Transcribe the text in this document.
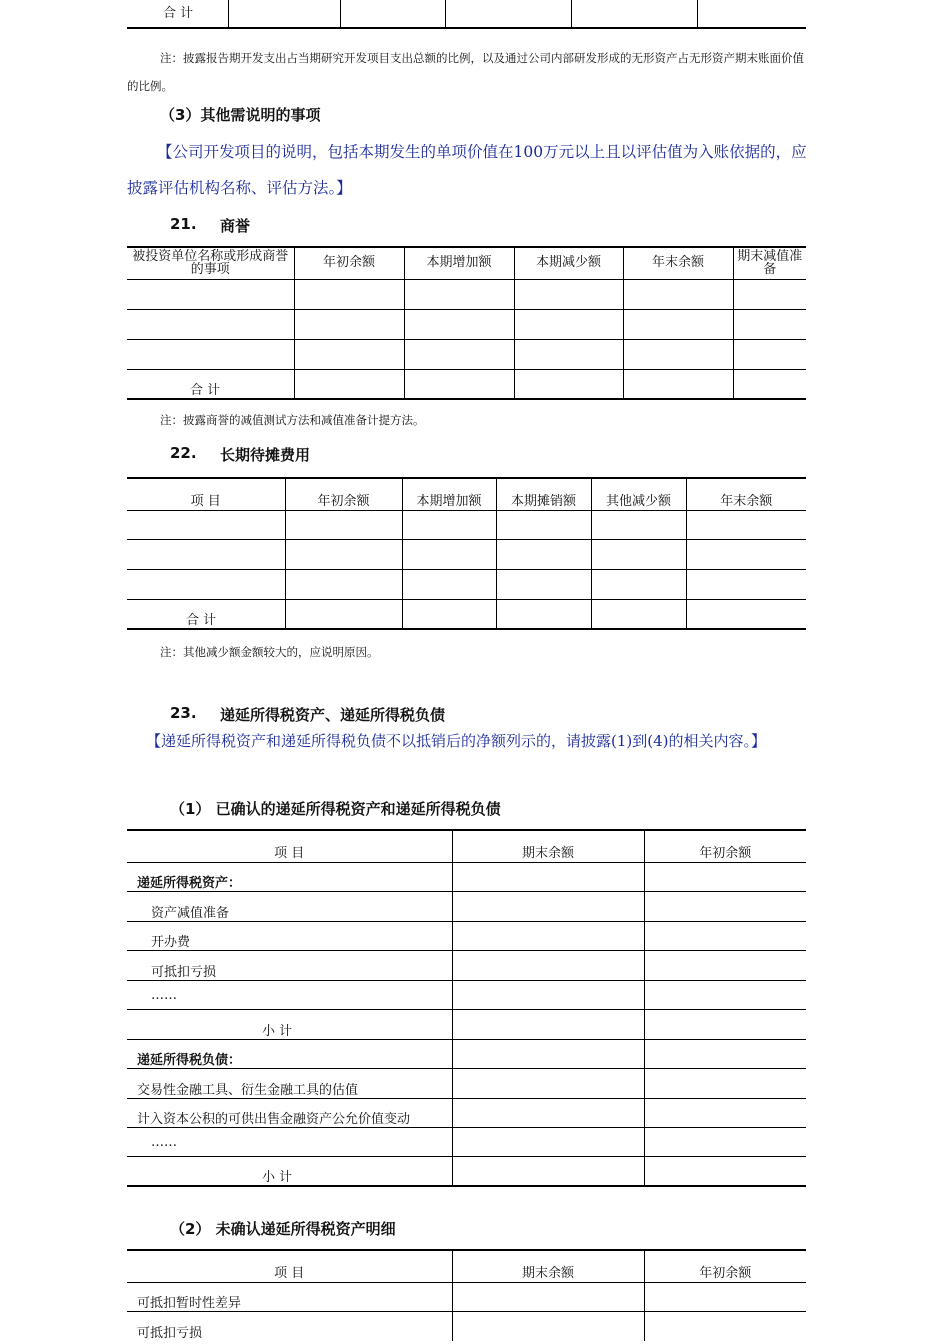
合 计					
注：披露报告期开发支出占当期研究开发项目支出总额的比例，以及通过公司内部研发形成的无形资产占无形资产期末账面价值的比例。
（3）其他需说明的事项
【公司开发项目的说明，包括本期发生的单项价值在100万元以上且以评估值为入账依据的，应披露评估机构名称、评估方法。】
21. 商誉
被投资单位名称或形成商誉的事项	年初余额	本期增加额	本期减少额	年末余额	期末减值准备

合 计					
注：披露商誉的减值测试方法和减值准备计提方法。
22. 长期待摊费用
项 目	年初余额	本期增加额	本期摊销额	其他减少额	年末余额

合 计					
注：其他减少额金额较大的，应说明原因。
23. 递延所得税资产、递延所得税负债
【递延所得税资产和递延所得税负债不以抵销后的净额列示的，请披露(1)到(4)的相关内容。】
（1） 已确认的递延所得税资产和递延所得税负债
项 目	期末余额	年初余额
递延所得税资产：		
资产减值准备		
开办费		
可抵扣亏损		
……		
小 计		
递延所得税负债：		
交易性金融工具、衍生金融工具的估值		
计入资本公积的可供出售金融资产公允价值变动		
……		
小 计		
（2） 未确认递延所得税资产明细
项 目	期末余额	年初余额
可抵扣暂时性差异		
可抵扣亏损		
